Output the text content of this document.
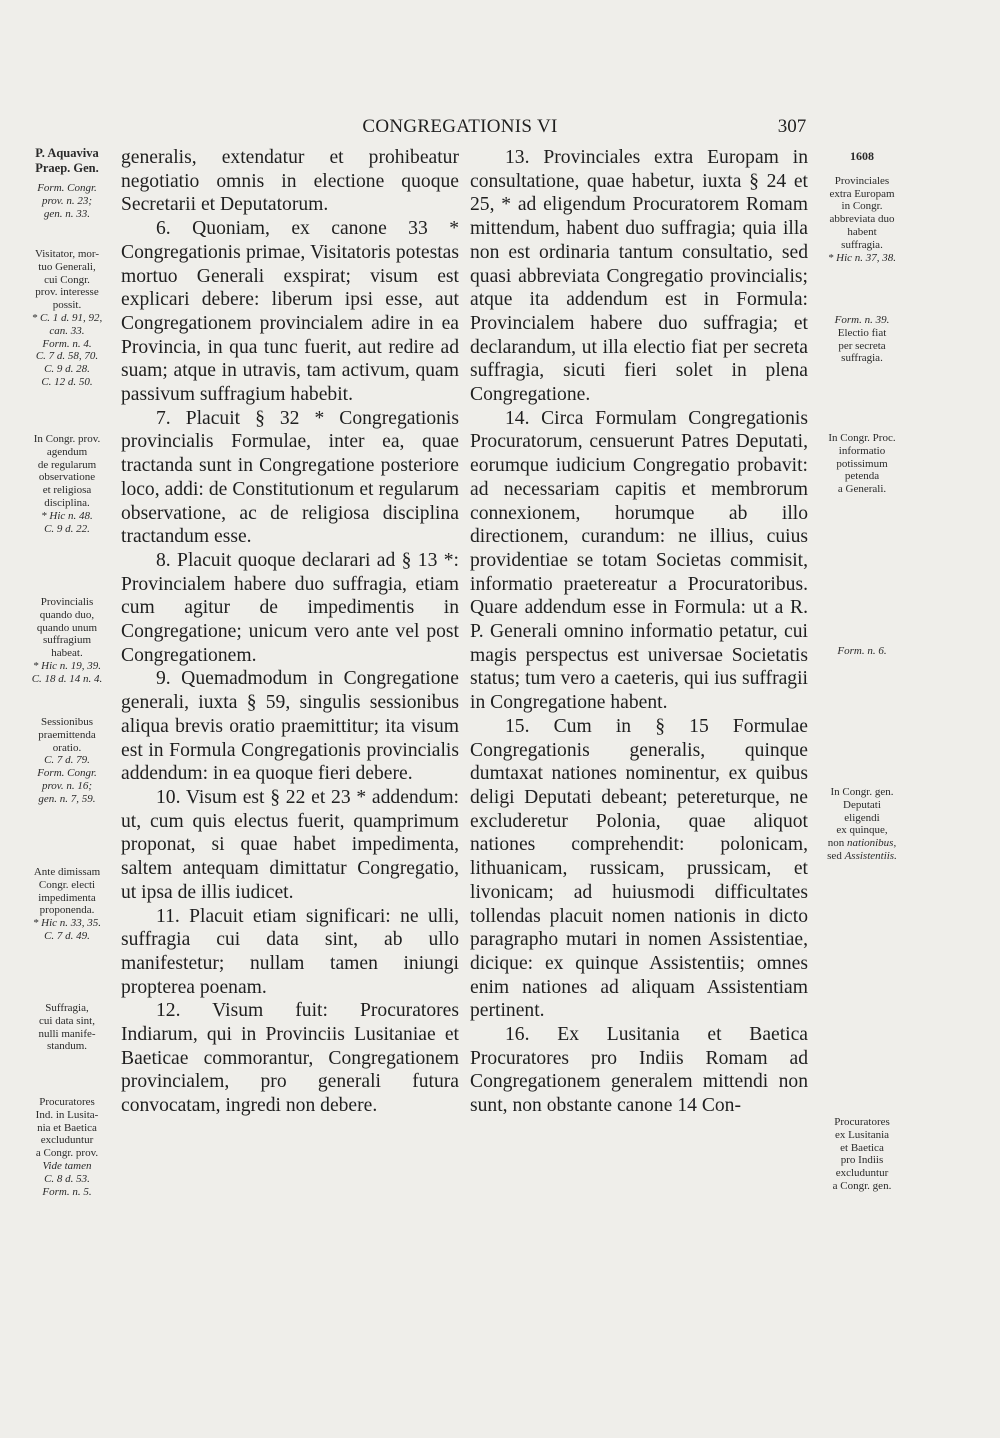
CONGREGATIONIS VI	307

generalis, extendatur et prohibeatur negotiatio omnis in electione quoque Secretarii et Deputatorum.

6. Quoniam, ex canone 33 * Congregationis primae, Visitatoris potestas mortuo Generali exspirat; visum est explicari debere: liberum ipsi esse, aut Congregationem provincialem adire in ea Provincia, in qua tunc fuerit, aut redire ad suam; atque in utravis, tam activum, quam passivum suffragium habebit.

7. Placuit § 32 * Congregationis provincialis Formulae, inter ea, quae tractanda sunt in Congregatione posteriore loco, addi: de Constitutionum et regularum observatione, ac de religiosa disciplina tractandum esse.

8. Placuit quoque declarari ad § 13 *: Provincialem habere duo suffragia, etiam cum agitur de impedimentis in Congregatione; unicum vero ante vel post Congregationem.

9. Quemadmodum in Congregatione generali, iuxta § 59, singulis sessionibus aliqua brevis oratio praemittitur; ita visum est in Formula Congregationis provincialis addendum: in ea quoque fieri debere.

10. Visum est § 22 et 23 * addendum: ut, cum quis electus fuerit, quamprimum proponat, si quae habet impedimenta, saltem antequam dimittatur Congregatio, ut ipsa de illis iudicet.

11. Placuit etiam significari: ne ulli, suffragia cui data sint, ab ullo manifestetur; nullam tamen iniungi propterea poenam.

12. Visum fuit: Procuratores Indiarum, qui in Provinciis Lusitaniae et Baeticae commorantur, Congregationem provincialem, pro generali futura convocatam, ingredi non debere.

13. Provinciales extra Europam in consultatione, quae habetur, iuxta § 24 et 25, * ad eligendum Procuratorem Romam mittendum, habent duo suffragia; quia illa non est ordinaria tantum consultatio, sed quasi abbreviata Congregatio provincialis; atque ita addendum est in Formula: Provincialem habere duo suffragia; et declarandum, ut illa electio fiat per secreta suffragia, sicuti fieri solet in plena Congregatione.

14. Circa Formulam Congregationis Procuratorum, censuerunt Patres Deputati, eorumque iudicium Congregatio probavit: ad necessariam capitis et membrorum connexionem, horumque ab illo directionem, curandum: ne illius, cuius providentiae se totam Societas commisit, informatio praetereatur a Procuratoribus. Quare addendum esse in Formula: ut a R. P. Generali omnino informatio petatur, cui magis perspectus est universae Societatis status; tum vero a caeteris, qui ius suffragii in Congregatione habent.

15. Cum in § 15 Formulae Congregationis generalis, quinque dumtaxat nationes nominentur, ex quibus deligi Deputati debeant; petereturque, ne excluderetur Polonia, quae aliquot nationes comprehendit: polonicam, lithuanicam, russicam, prussicam, et livonicam; ad huiusmodi difficultates tollendas placuit nomen nationis in dicto paragrapho mutari in nomen Assistentiae, dicique: ex quinque Assistentiis; omnes enim nationes ad aliquam Assistentiam pertinent.

16. Ex Lusitania et Baetica Procuratores pro Indiis Romam ad Congregationem generalem mittendi non sunt, non obstante canone 14 Con-

P. Aquaviva
Praep. Gen.
Form. Congr.
prov. n. 23;
gen. n. 33.
Visitator, mor-
tuo Generali,
cui Congr.
prov. interesse
possit.
* C. 1 d. 91, 92,
can. 33.
Form. n. 4.
C. 7 d. 58, 70.
C. 9 d. 28.
C. 12 d. 50.
In Congr. prov.
agendum
de regularum
observatione
et religiosa
disciplina.
* Hic n. 48.
C. 9 d. 22.
Provincialis
quando duo,
quando unum
suffragium
habeat.
* Hic n. 19, 39.
C. 18 d. 14 n. 4.
Sessionibus
praemittenda
oratio.
C. 7 d. 79.
Form. Congr.
prov. n. 16;
gen. n. 7, 59.
Ante dimissam
Congr. electi
impedimenta
proponenda.
* Hic n. 33, 35.
C. 7 d. 49.
Suffragia,
cui data sint,
nulli manife-
standum.
Procuratores
Ind. in Lusita-
nia et Baetica
excluduntur
a Congr. prov.
Vide tamen
C. 8 d. 53.
Form. n. 5.
1608
Provinciales
extra Europam
in Congr.
abbreviata duo
habent
suffragia.
* Hic n. 37, 38.
Form. n. 39.
Electio fiat
per secreta
suffragia.
In Congr. Proc.
informatio
potissimum
petenda
a Generali.
Form. n. 6.
In Congr. gen.
Deputati
eligendi
ex quinque,
non nationibus,
sed Assistentiis.
Procuratores
ex Lusitania
et Baetica
pro Indiis
excluduntur
a Congr. gen.
